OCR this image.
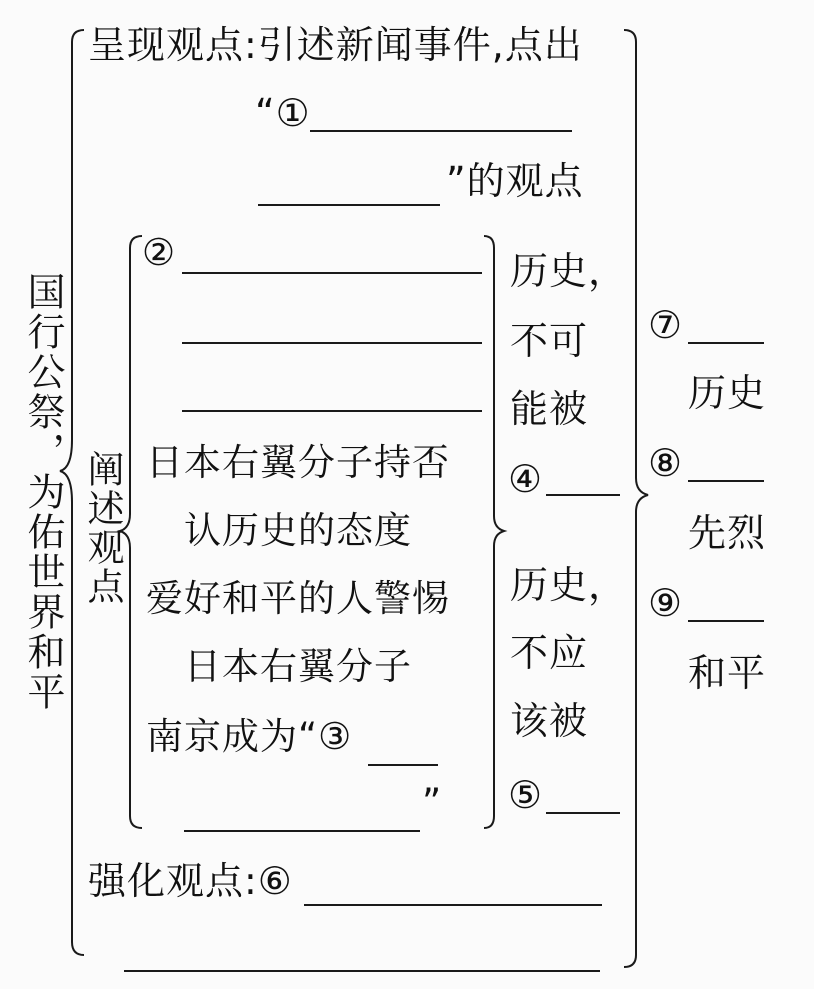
国行公祭，为佑世界和平
呈现观点:引述新闻事件,点出
“①
”的观点
阐述观点
②
日本右翼分子持否
认历史的态度
爱好和平的人警惕
日本右翼分子
南京成为“③
”
历史，
不可
能被
④
历史，
不应
该被
⑤
强化观点:⑥
⑦
历史
⑧
先烈
⑨
和平
